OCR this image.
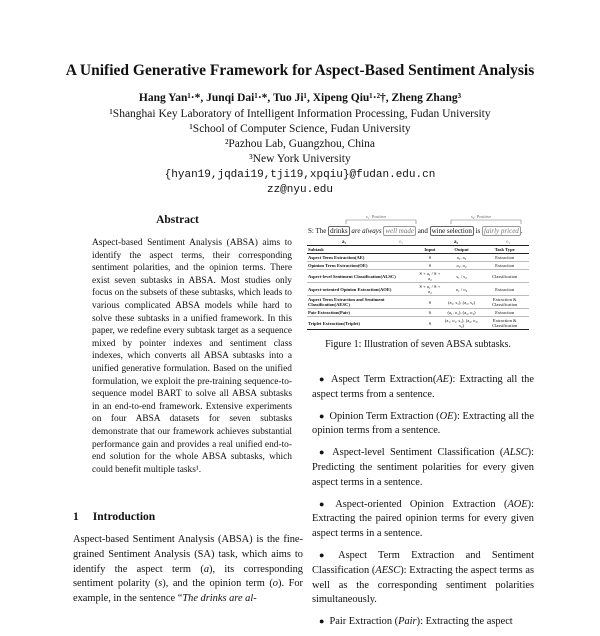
A Unified Generative Framework for Aspect-Based Sentiment Analysis
Hang Yan¹·*, Junqi Dai¹·*, Tuo Ji¹, Xipeng Qiu¹·²†, Zheng Zhang³
¹Shanghai Key Laboratory of Intelligent Information Processing, Fudan University
¹School of Computer Science, Fudan University
²Pazhou Lab, Guangzhou, China
³New York University
{hyan19,jqdai19,tji19,xpqiu}@fudan.edu.cn
zz@nyu.edu
Abstract
Aspect-based Sentiment Analysis (ABSA) aims to identify the aspect terms, their corresponding sentiment polarities, and the opinion terms. There exist seven subtasks in ABSA. Most studies only focus on the subsets of these subtasks, which leads to various complicated ABSA models while hard to solve these subtasks in a unified framework. In this paper, we redefine every subtask target as a sequence mixed by pointer indexes and sentiment class indexes, which converts all ABSA subtasks into a unified generative formulation. Based on the unified formulation, we exploit the pre-training sequence-to-sequence model BART to solve all ABSA subtasks in an end-to-end framework. Extensive experiments on four ABSA datasets for seven subtasks demonstrate that our framework achieves substantial performance gain and provides a real unified end-to-end solution for the whole ABSA subtasks, which could benefit multiple tasks¹.
1 Introduction
Aspect-based Sentiment Analysis (ABSA) is the fine-grained Sentiment Analysis (SA) task, which aims to identify the aspect term (a), its corresponding sentiment polarity (s), and the opinion term (o). For example, in the sentence “The drinks are al-
s₁: Positive	s₂: Positive
S: The drinks are always well made and wine selection is fairly priced .
a₁	o₁	a₂	o₂
Subtask	Input	Output	Task Type
Aspect Term Extraction(AE)	S	a₁, a₂	Extraction
Opinion Term Extraction(OE)	S	o₁, o₂	Extraction
Aspect-level Sentiment Classification(ALSC)	S + a₁ / S + a₂	s₁ / s₂	Classification
Aspect-oriented Opinion Extraction(AOE)	S + a₁ / S + a₂	o₁ / o₂	Extraction
Aspect Term Extraction and Sentiment Classification(AESC)	S	(a₁, s₁), (a₂, s₂)	Extraction & Classification
Pair Extraction(Pair)	S	(a₁, o₁), (a₂, o₂)	Extraction
Triplet Extraction(Triplet)	S	(a₁, o₁, s₁), (a₂, o₂, s₂)	Extraction & Classification
Figure 1: Illustration of seven ABSA subtasks.
● Aspect Term Extraction(AE): Extracting all the aspect terms from a sentence.
● Opinion Term Extraction (OE): Extracting all the opinion terms from a sentence.
● Aspect-level Sentiment Classification (ALSC): Predicting the sentiment polarities for every given aspect terms in a sentence.
● Aspect-oriented Opinion Extraction (AOE): Extracting the paired opinion terms for every given aspect terms in a sentence.
● Aspect Term Extraction and Sentiment Classification (AESC): Extracting the aspect terms as well as the corresponding sentiment polarities simultaneously.
● Pair Extraction (Pair): Extracting the aspect
